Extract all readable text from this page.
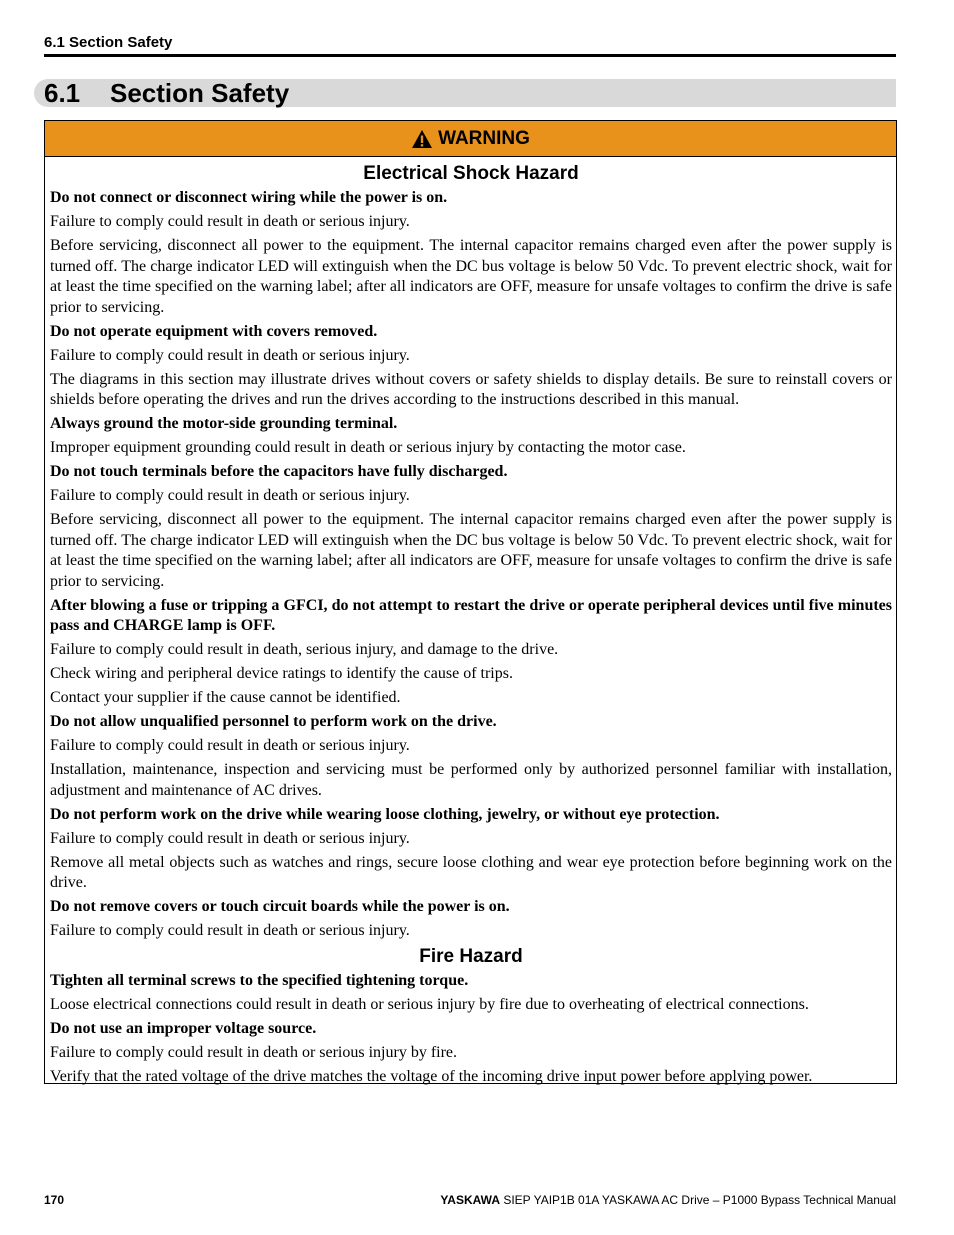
6.1 Section Safety
6.1 Section Safety
WARNING
Electrical Shock Hazard
Do not connect or disconnect wiring while the power is on.
Failure to comply could result in death or serious injury.
Before servicing, disconnect all power to the equipment. The internal capacitor remains charged even after the power supply is turned off. The charge indicator LED will extinguish when the DC bus voltage is below 50 Vdc. To prevent electric shock, wait for at least the time specified on the warning label; after all indicators are OFF, measure for unsafe voltages to confirm the drive is safe prior to servicing.
Do not operate equipment with covers removed.
Failure to comply could result in death or serious injury.
The diagrams in this section may illustrate drives without covers or safety shields to display details. Be sure to reinstall covers or shields before operating the drives and run the drives according to the instructions described in this manual.
Always ground the motor-side grounding terminal.
Improper equipment grounding could result in death or serious injury by contacting the motor case.
Do not touch terminals before the capacitors have fully discharged.
Failure to comply could result in death or serious injury.
Before servicing, disconnect all power to the equipment. The internal capacitor remains charged even after the power supply is turned off. The charge indicator LED will extinguish when the DC bus voltage is below 50 Vdc. To prevent electric shock, wait for at least the time specified on the warning label; after all indicators are OFF, measure for unsafe voltages to confirm the drive is safe prior to servicing.
After blowing a fuse or tripping a GFCI, do not attempt to restart the drive or operate peripheral devices until five minutes pass and CHARGE lamp is OFF.
Failure to comply could result in death, serious injury, and damage to the drive.
Check wiring and peripheral device ratings to identify the cause of trips.
Contact your supplier if the cause cannot be identified.
Do not allow unqualified personnel to perform work on the drive.
Failure to comply could result in death or serious injury.
Installation, maintenance, inspection and servicing must be performed only by authorized personnel familiar with installation, adjustment and maintenance of AC drives.
Do not perform work on the drive while wearing loose clothing, jewelry, or without eye protection.
Failure to comply could result in death or serious injury.
Remove all metal objects such as watches and rings, secure loose clothing and wear eye protection before beginning work on the drive.
Do not remove covers or touch circuit boards while the power is on.
Failure to comply could result in death or serious injury.
Fire Hazard
Tighten all terminal screws to the specified tightening torque.
Loose electrical connections could result in death or serious injury by fire due to overheating of electrical connections.
Do not use an improper voltage source.
Failure to comply could result in death or serious injury by fire.
Verify that the rated voltage of the drive matches the voltage of the incoming drive input power before applying power.
170	YASKAWA SIEP YAIP1B 01A YASKAWA AC Drive – P1000 Bypass Technical Manual
